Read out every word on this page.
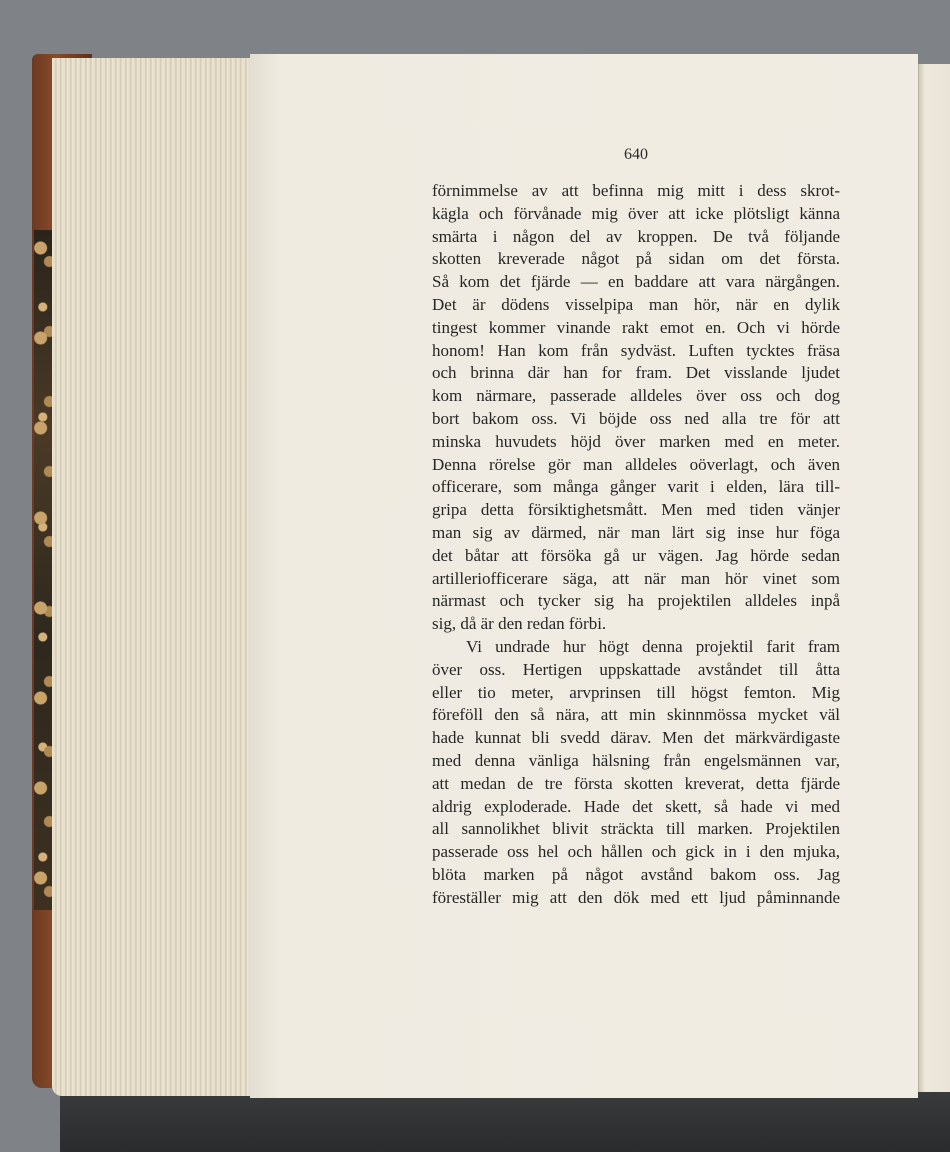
640
förnimmelse av att befinna mig mitt i dess skrot-
kägla och förvånade mig över att icke plötsligt känna
smärta i någon del av kroppen. De två följande
skotten kreverade något på sidan om det första.
Så kom det fjärde — en baddare att vara närgången.
Det är dödens visselpipa man hör, när en dylik
tingest kommer vinande rakt emot en. Och vi hörde
honom! Han kom från sydväst. Luften tycktes fräsa
och brinna där han for fram. Det visslande ljudet
kom närmare, passerade alldeles över oss och dog
bort bakom oss. Vi böjde oss ned alla tre för att
minska huvudets höjd över marken med en meter.
Denna rörelse gör man alldeles oöverlagt, och även
officerare, som många gånger varit i elden, lära till-
gripa detta försiktighetsmått. Men med tiden vänjer
man sig av därmed, när man lärt sig inse hur föga
det båtar att försöka gå ur vägen. Jag hörde sedan
artilleriofficerare säga, att när man hör vinet som
närmast och tycker sig ha projektilen alldeles inpå
sig, då är den redan förbi.
Vi undrade hur högt denna projektil farit fram
över oss. Hertigen uppskattade avståndet till åtta
eller tio meter, arvprinsen till högst femton. Mig
föreföll den så nära, att min skinnmössa mycket väl
hade kunnat bli svedd därav. Men det märkvärdigaste
med denna vänliga hälsning från engelsmännen var,
att medan de tre första skotten kreverat, detta fjärde
aldrig exploderade. Hade det skett, så hade vi med
all sannolikhet blivit sträckta till marken. Projektilen
passerade oss hel och hållen och gick in i den mjuka,
blöta marken på något avstånd bakom oss. Jag
föreställer mig att den dök med ett ljud påminnande
